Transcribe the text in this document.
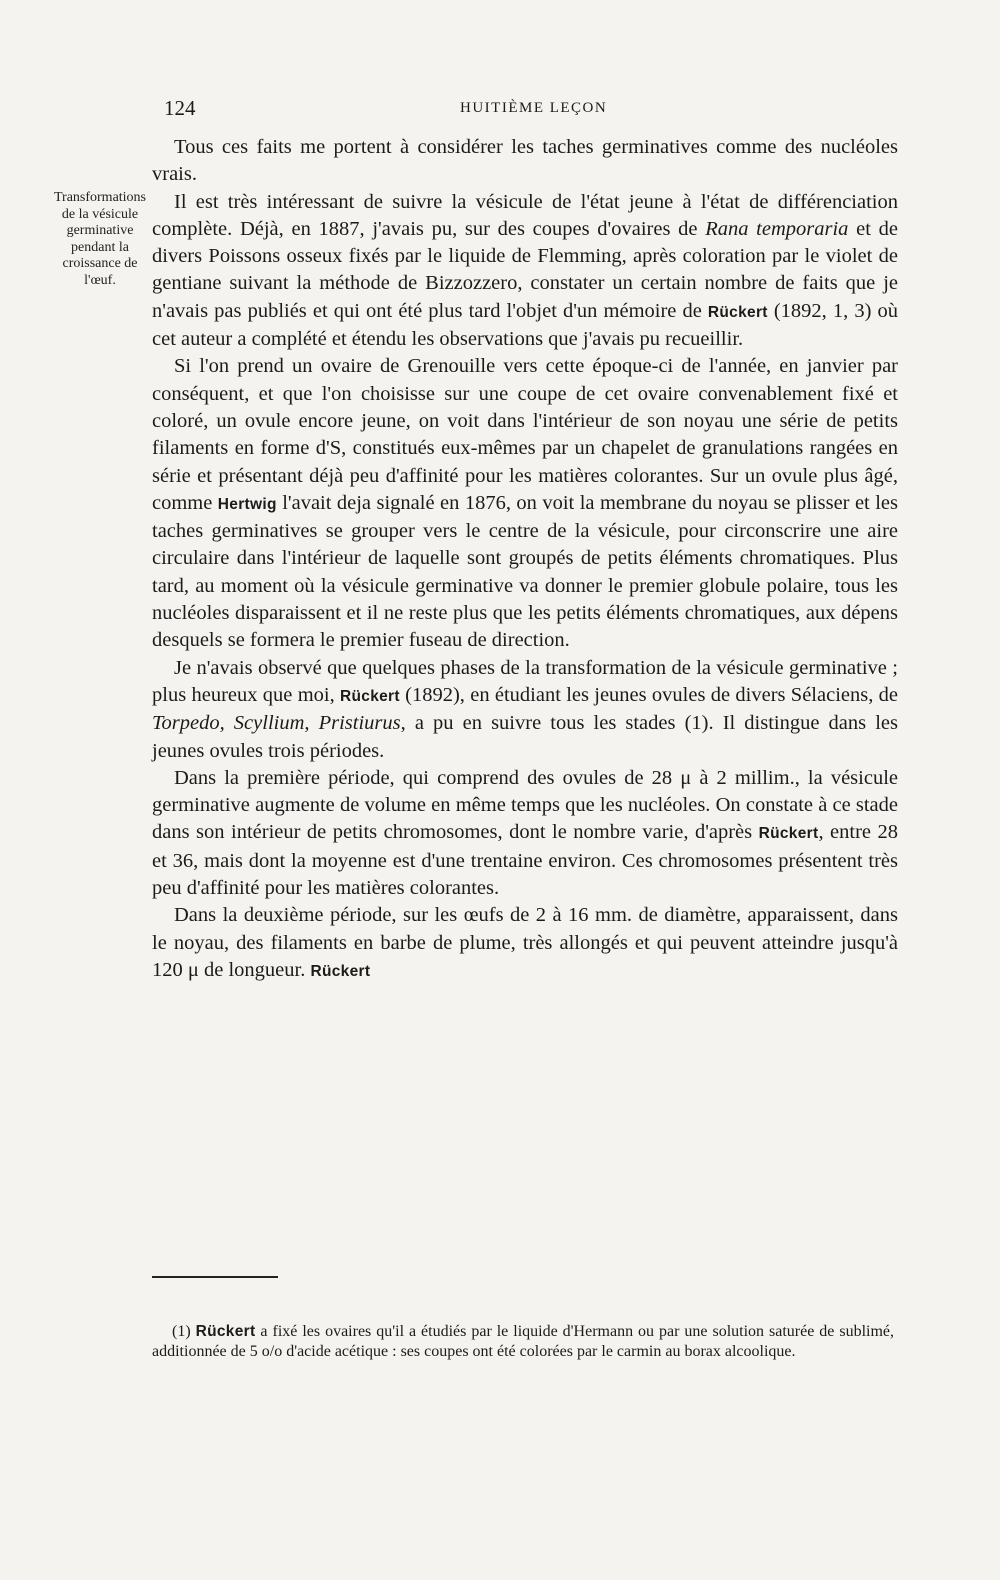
124	HUITIÈME LEÇON
Transformations de la vésicule germinative pendant la croissance de l'œuf.

Tous ces faits me portent à considérer les taches germinatives comme des nucléoles vrais.

Il est très intéressant de suivre la vésicule de l'état jeune à l'état de différenciation complète. Déjà, en 1887, j'avais pu, sur des coupes d'ovaires de Rana temporaria et de divers Poissons osseux fixés par le liquide de Flemming, après coloration par le violet de gentiane suivant la méthode de Bizzozzero, constater un certain nombre de faits que je n'avais pas publiés et qui ont été plus tard l'objet d'un mémoire de Rückert (1892, 1, 3) où cet auteur a complété et étendu les observations que j'avais pu recueillir.

Si l'on prend un ovaire de Grenouille vers cette époque-ci de l'année, en janvier par conséquent, et que l'on choisisse sur une coupe de cet ovaire convenablement fixé et coloré, un ovule encore jeune, on voit dans l'intérieur de son noyau une série de petits filaments en forme d'S, constitués eux-mêmes par un chapelet de granulations rangées en série et présentant déjà peu d'affinité pour les matières colorantes. Sur un ovule plus âgé, comme Hertwig l'avait deja signalé en 1876, on voit la membrane du noyau se plisser et les taches germinatives se grouper vers le centre de la vésicule, pour circonscrire une aire circulaire dans l'intérieur de laquelle sont groupés de petits éléments chromatiques. Plus tard, au moment où la vésicule germinative va donner le premier globule polaire, tous les nucléoles disparaissent et il ne reste plus que les petits éléments chromatiques, aux dépens desquels se formera le premier fuseau de direction.

Je n'avais observé que quelques phases de la transformation de la vésicule germinative ; plus heureux que moi, Rückert (1892), en étudiant les jeunes ovules de divers Sélaciens, de Torpedo, Scyllium, Pristiurus, a pu en suivre tous les stades (1). Il distingue dans les jeunes ovules trois périodes.

Dans la première période, qui comprend des ovules de 28 μ à 2 millim., la vésicule germinative augmente de volume en même temps que les nucléoles. On constate à ce stade dans son intérieur de petits chromosomes, dont le nombre varie, d'après Rückert, entre 28 et 36, mais dont la moyenne est d'une trentaine environ. Ces chromosomes présentent très peu d'affinité pour les matières colorantes.

Dans la deuxième période, sur les œufs de 2 à 16 mm. de diamètre, apparaissent, dans le noyau, des filaments en barbe de plume, très allongés et qui peuvent atteindre jusqu'à 120 μ de longueur. Rückert

(1) Rückert a fixé les ovaires qu'il a étudiés par le liquide d'Hermann ou par une solution saturée de sublimé, additionnée de 5 o/o d'acide acétique : ses coupes ont été colorées par le carmin au borax alcoolique.
